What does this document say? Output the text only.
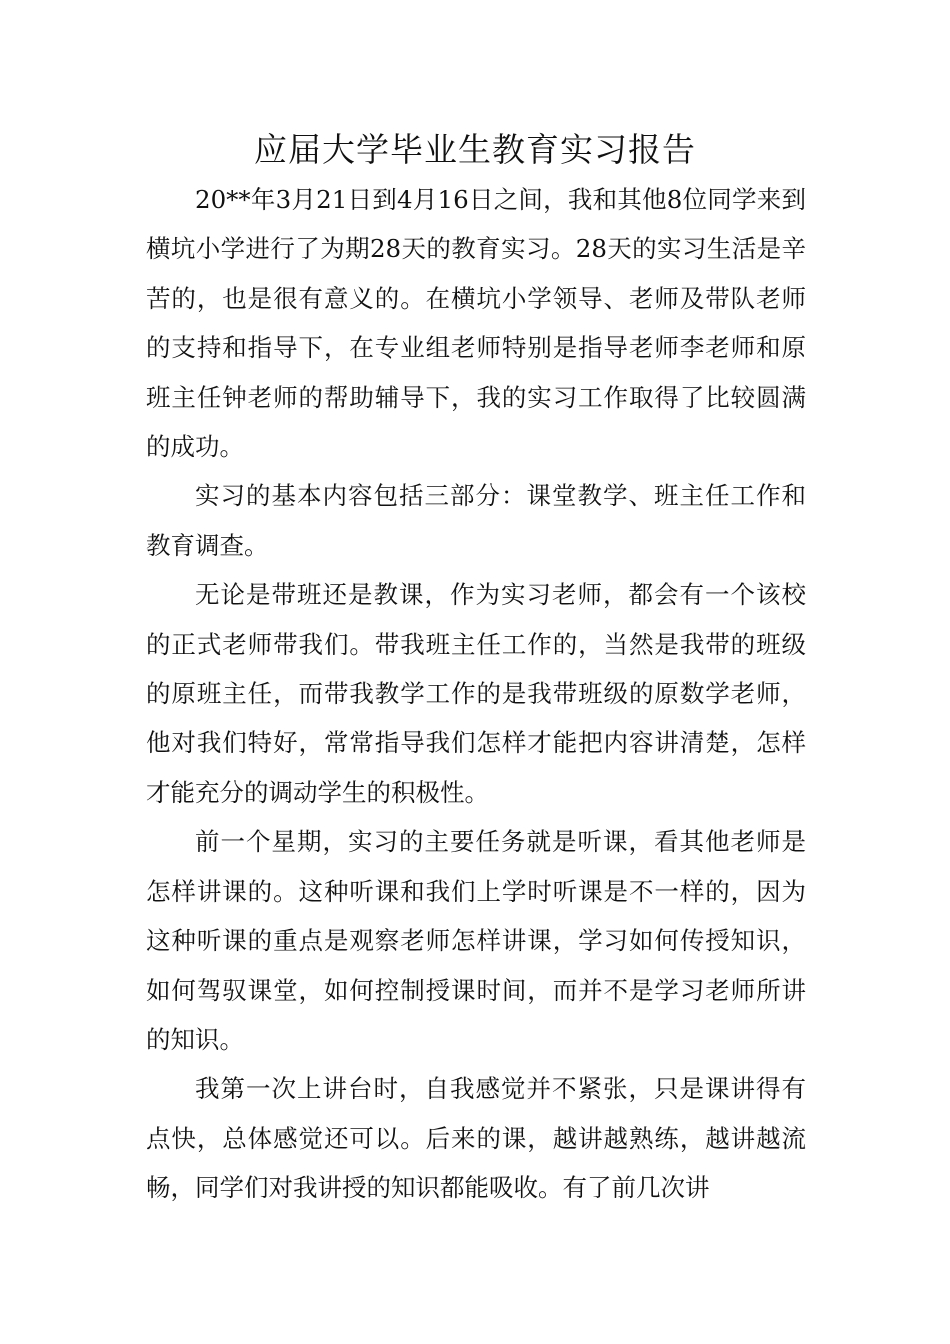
应届大学毕业生教育实习报告

20**年3月21日到4月16日之间，我和其他8位同学来到横坑小学进行了为期28天的教育实习。28天的实习生活是辛苦的，也是很有意义的。在横坑小学领导、老师及带队老师的支持和指导下，在专业组老师特别是指导老师李老师和原班主任钟老师的帮助辅导下，我的实习工作取得了比较圆满的成功。

实习的基本内容包括三部分：课堂教学、班主任工作和教育调查。

无论是带班还是教课，作为实习老师，都会有一个该校的正式老师带我们。带我班主任工作的，当然是我带的班级的原班主任，而带我教学工作的是我带班级的原数学老师，他对我们特好，常常指导我们怎样才能把内容讲清楚，怎样才能充分的调动学生的积极性。

前一个星期，实习的主要任务就是听课，看其他老师是怎样讲课的。这种听课和我们上学时听课是不一样的，因为这种听课的重点是观察老师怎样讲课，学习如何传授知识，如何驾驭课堂，如何控制授课时间，而并不是学习老师所讲的知识。

我第一次上讲台时，自我感觉并不紧张，只是课讲得有点快，总体感觉还可以。后来的课，越讲越熟练，越讲越流畅，同学们对我讲授的知识都能吸收。有了前几次讲
